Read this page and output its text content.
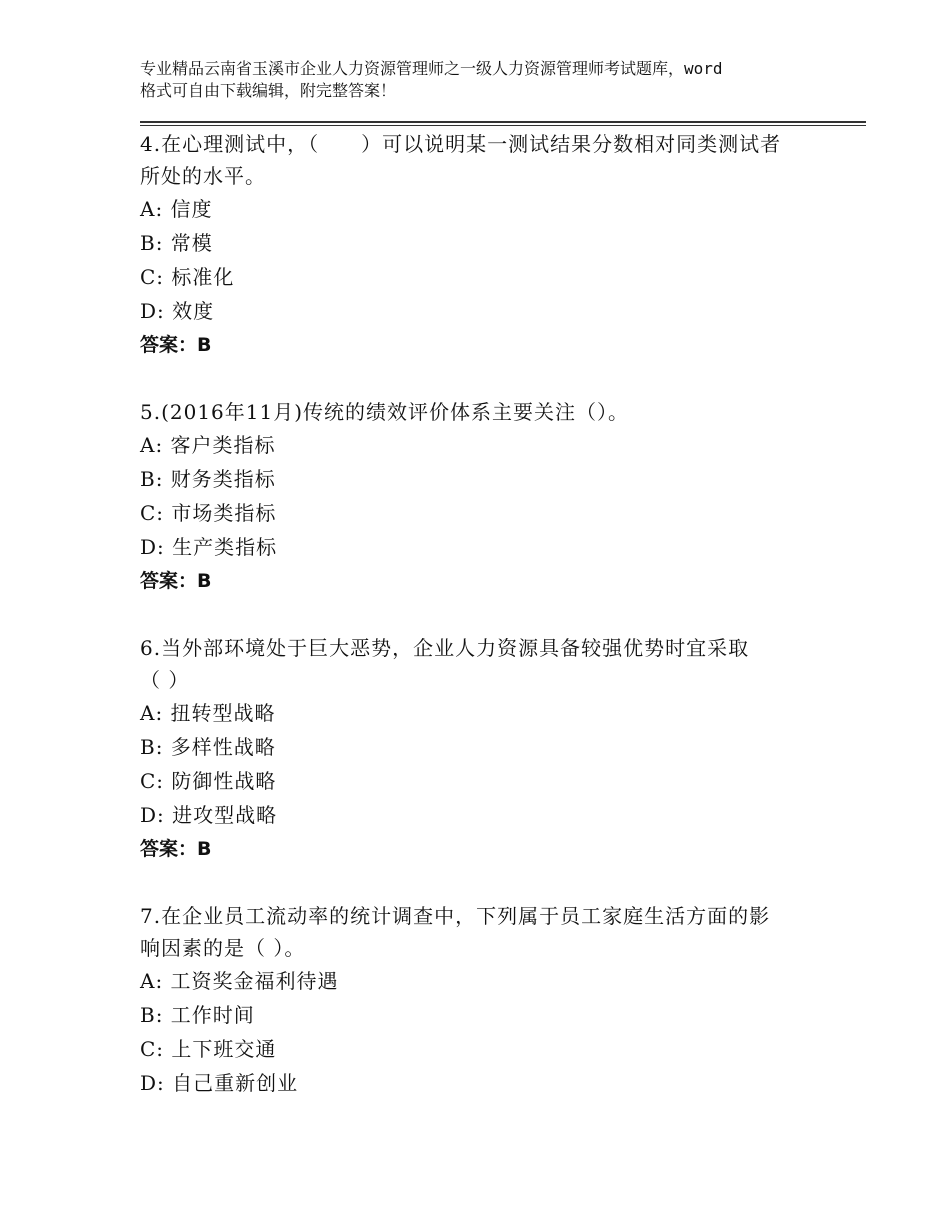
专业精品云南省玉溪市企业人力资源管理师之一级人力资源管理师考试题库，word
格式可自由下载编辑，附完整答案！

4.在心理测试中，（　　）可以说明某一测试结果分数相对同类测试者

所处的水平。

A: 信度

B: 常模

C: 标准化

D: 效度

答案：B

5.(2016年11月)传统的绩效评价体系主要关注（）。

A: 客户类指标

B: 财务类指标

C: 市场类指标

D: 生产类指标

答案：B

6.当外部环境处于巨大恶势，企业人力资源具备较强优势时宜采取

（ ）

A: 扭转型战略

B: 多样性战略

C: 防御性战略

D: 进攻型战略

答案：B

7.在企业员工流动率的统计调查中，下列属于员工家庭生活方面的影

响因素的是（ ）。

A: 工资奖金福利待遇

B: 工作时间

C: 上下班交通

D: 自己重新创业
